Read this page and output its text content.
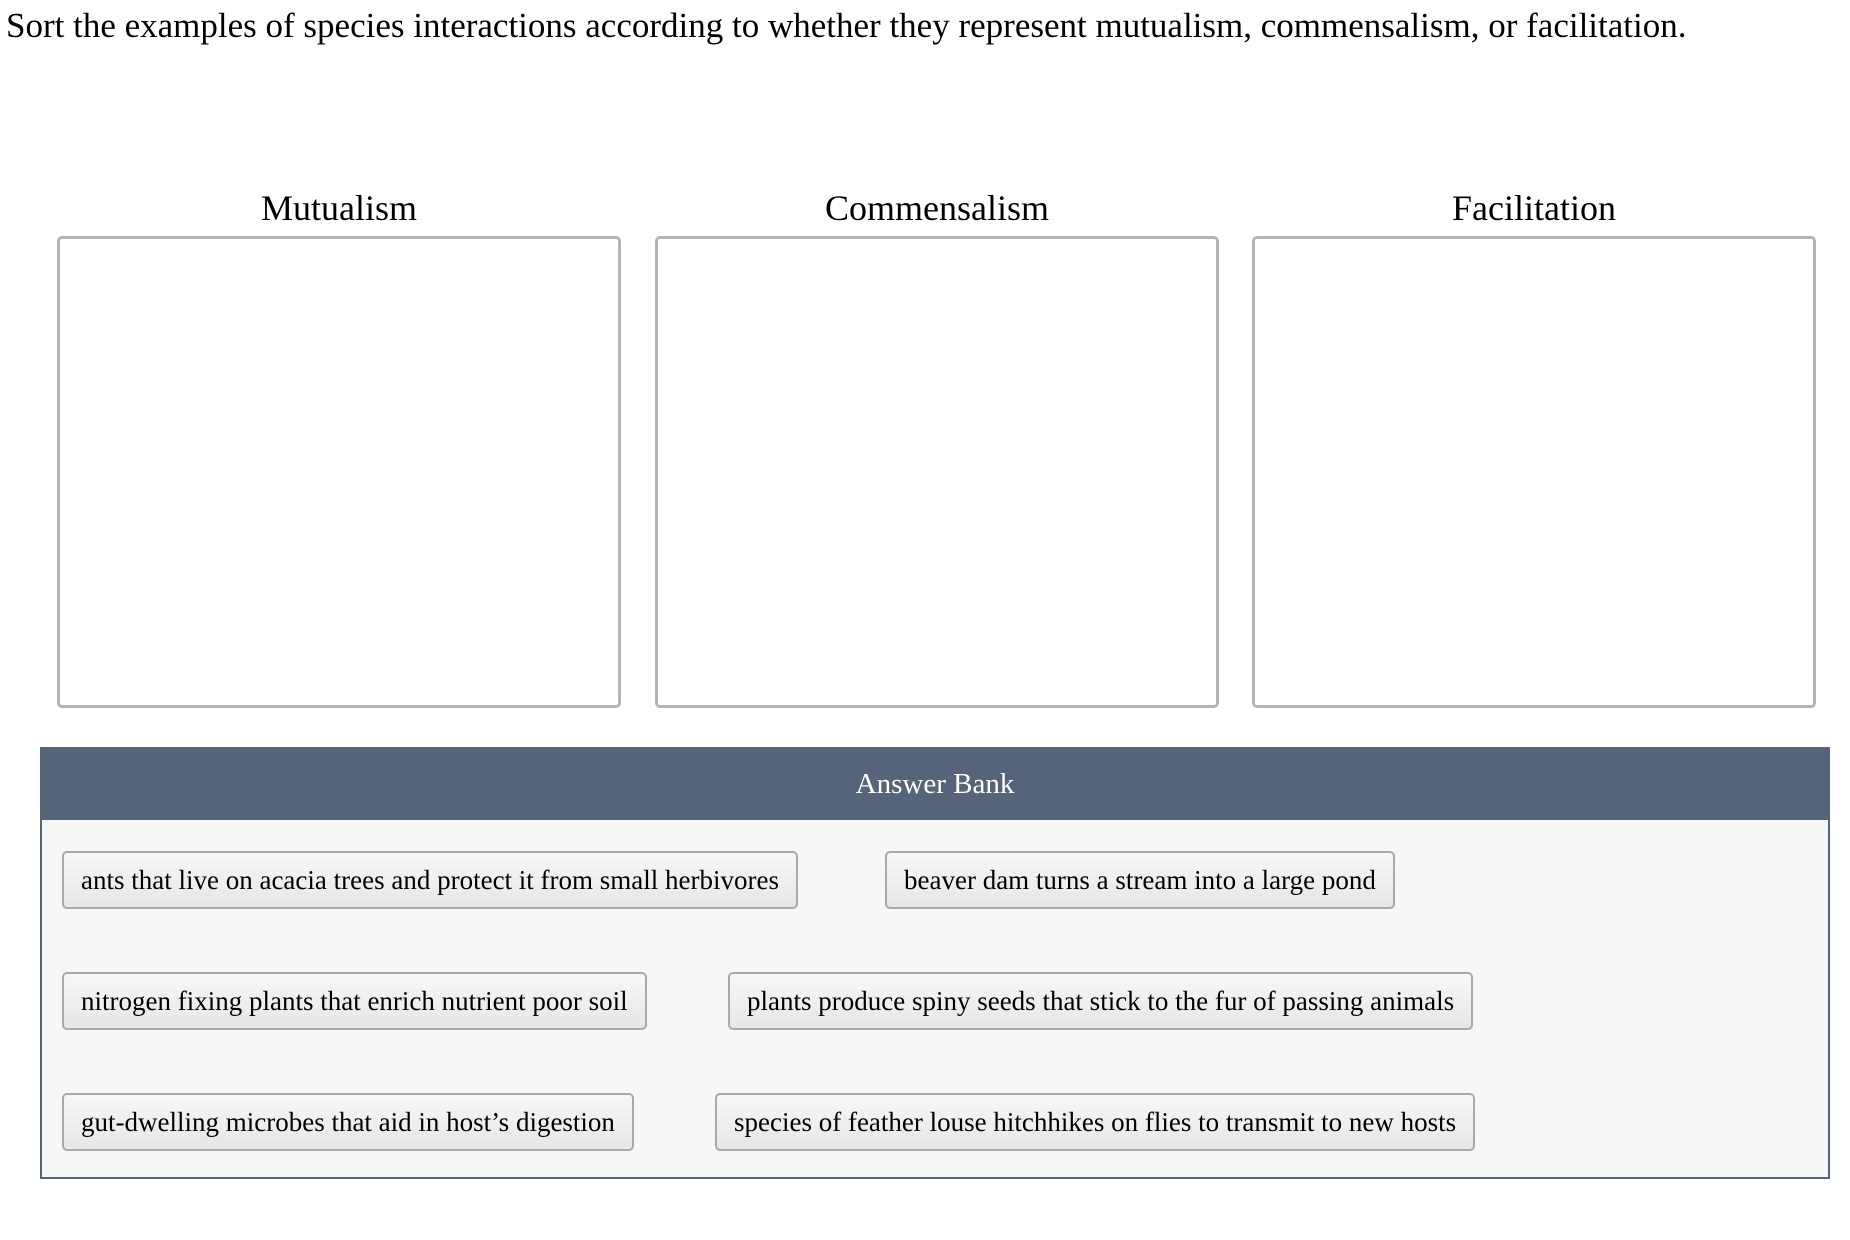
Sort the examples of species interactions according to whether they represent mutualism, commensalism, or facilitation.
Mutualism	Commensalism	Facilitation
Answer Bank
ants that live on acacia trees and protect it from small herbivores	beaver dam turns a stream into a large pond
nitrogen fixing plants that enrich nutrient poor soil	plants produce spiny seeds that stick to the fur of passing animals
gut-dwelling microbes that aid in host’s digestion	species of feather louse hitchhikes on flies to transmit to new hosts
